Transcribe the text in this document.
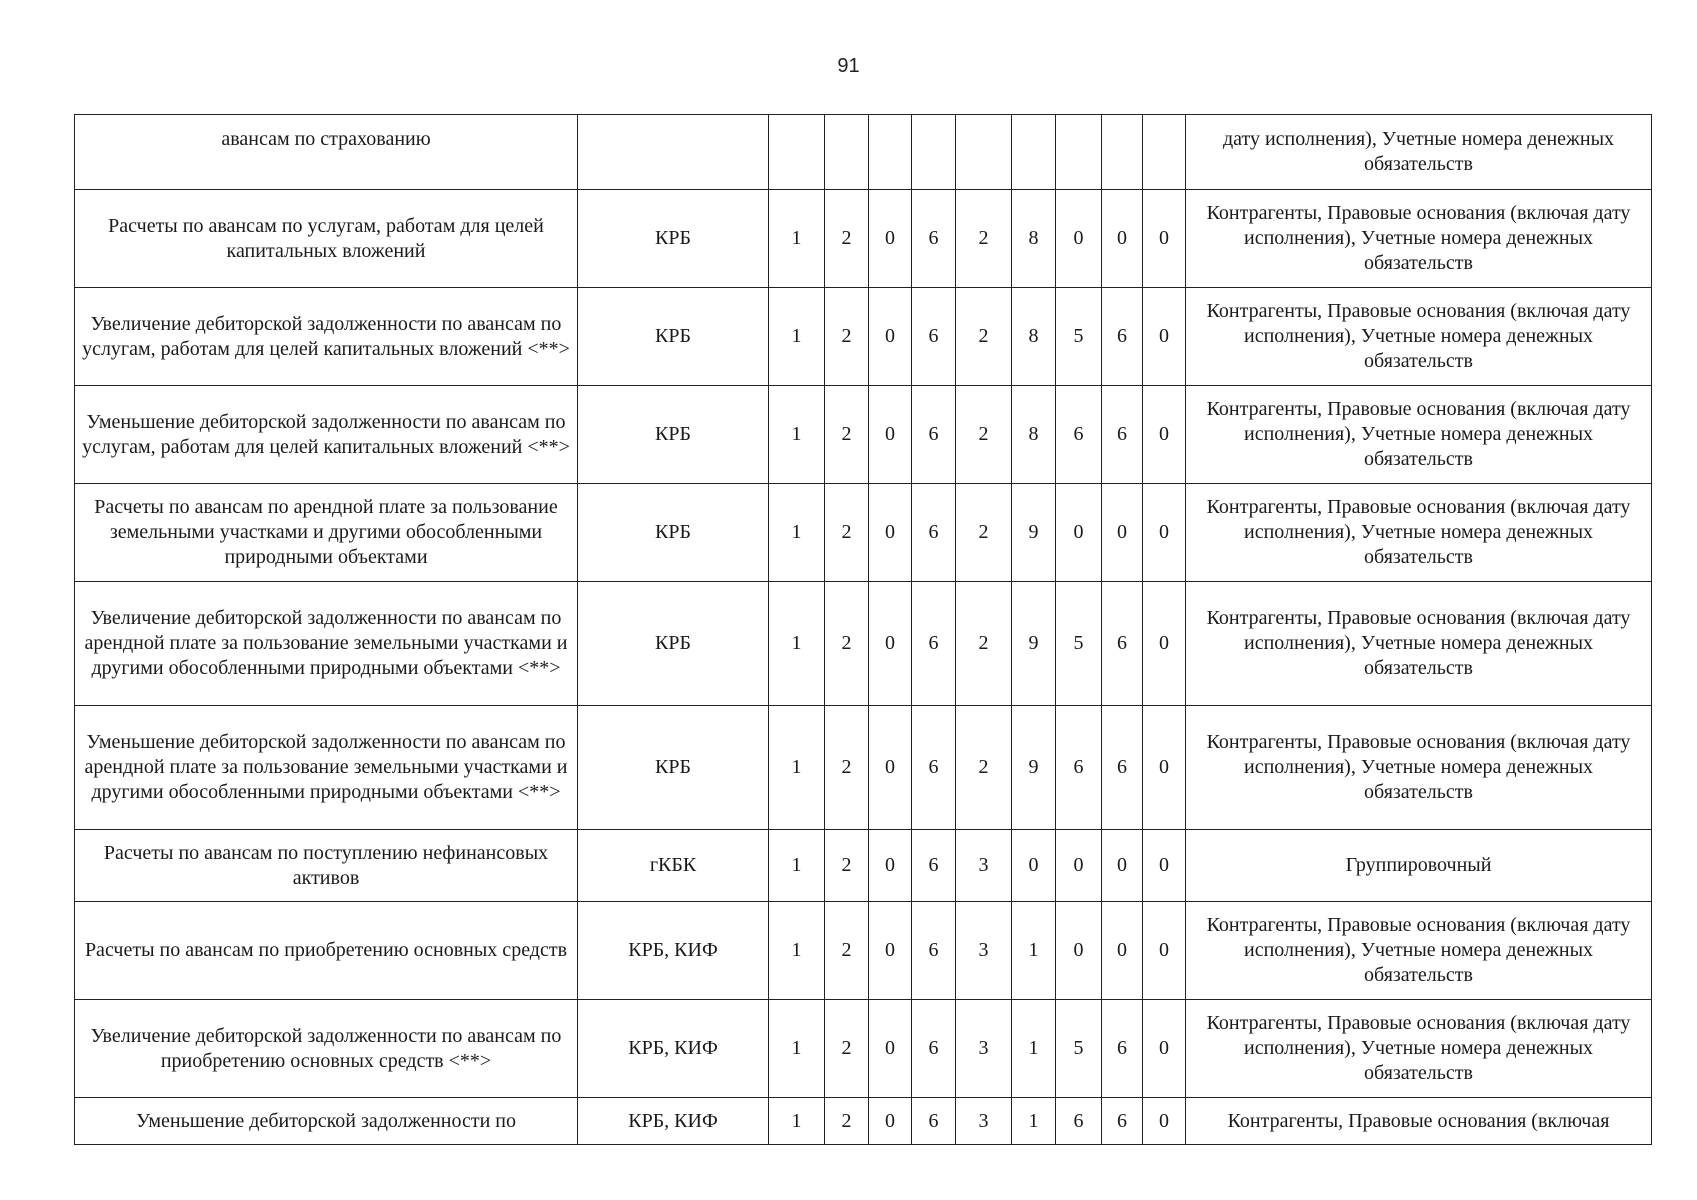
91
авансам по страхованию											дату исполнения), Учетные номера денежных обязательств
Расчеты по авансам по услугам, работам для целей капитальных вложений	КРБ	1	2	0	6	2	8	0	0	0	Контрагенты, Правовые основания (включая дату исполнения), Учетные номера денежных обязательств
Увеличение дебиторской задолженности по авансам по услугам, работам для целей капитальных вложений <**>	КРБ	1	2	0	6	2	8	5	6	0	Контрагенты, Правовые основания (включая дату исполнения), Учетные номера денежных обязательств
Уменьшение дебиторской задолженности по авансам по услугам, работам для целей капитальных вложений <**>	КРБ	1	2	0	6	2	8	6	6	0	Контрагенты, Правовые основания (включая дату исполнения), Учетные номера денежных обязательств
Расчеты по авансам по арендной плате за пользование земельными участками и другими обособленными природными объектами	КРБ	1	2	0	6	2	9	0	0	0	Контрагенты, Правовые основания (включая дату исполнения), Учетные номера денежных обязательств
Увеличение дебиторской задолженности по авансам по арендной плате за пользование земельными участками и другими обособленными природными объектами <**>	КРБ	1	2	0	6	2	9	5	6	0	Контрагенты, Правовые основания (включая дату исполнения), Учетные номера денежных обязательств
Уменьшение дебиторской задолженности по авансам по арендной плате за пользование земельными участками и другими обособленными природными объектами <**>	КРБ	1	2	0	6	2	9	6	6	0	Контрагенты, Правовые основания (включая дату исполнения), Учетные номера денежных обязательств
Расчеты по авансам по поступлению нефинансовых активов	гКБК	1	2	0	6	3	0	0	0	0	Группировочный
Расчеты по авансам по приобретению основных средств	КРБ, КИФ	1	2	0	6	3	1	0	0	0	Контрагенты, Правовые основания (включая дату исполнения), Учетные номера денежных обязательств
Увеличение дебиторской задолженности по авансам по приобретению основных средств <**>	КРБ, КИФ	1	2	0	6	3	1	5	6	0	Контрагенты, Правовые основания (включая дату исполнения), Учетные номера денежных обязательств
Уменьшение дебиторской задолженности по	КРБ, КИФ	1	2	0	6	3	1	6	6	0	Контрагенты, Правовые основания (включая
